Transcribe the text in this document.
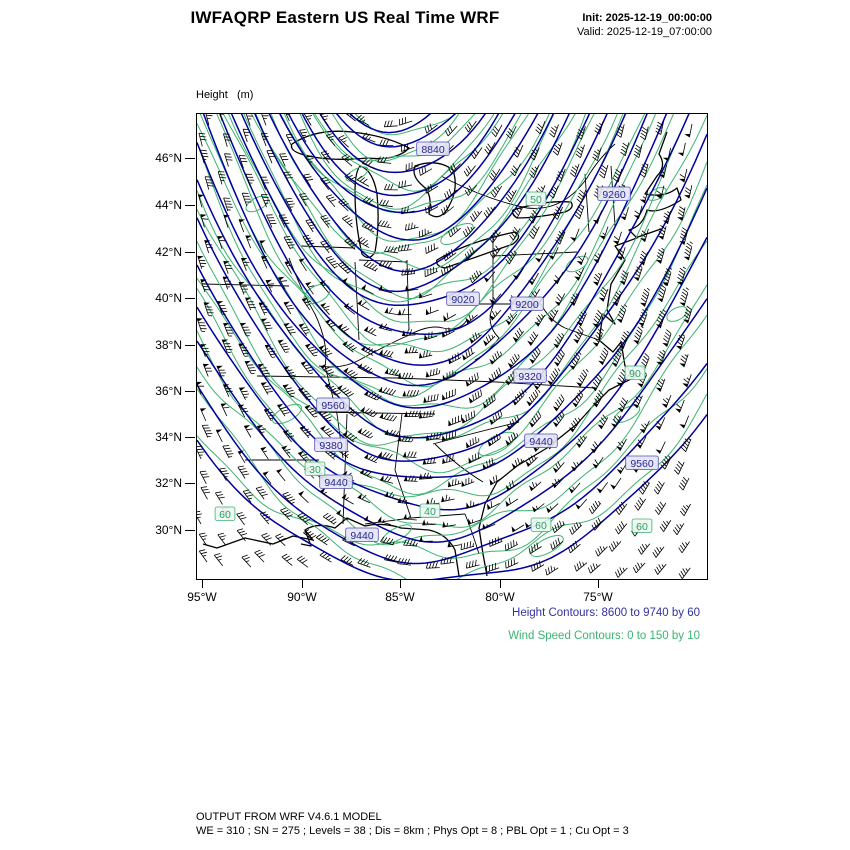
IWFAQRP Eastern US Real Time WRF	Init: 2025-12-19_00:00:00
Valid: 2025-12-19_07:00:00

Height   (m)

8840
9260
9020	9200
9320
9560
9380
9440
9440
9440
9560
50
90
30
60	40
60	60
46°N
44°N
42°N
40°N
38°N
36°N
34°N
32°N
30°N
95°W	90°W	85°W	80°W	75°W
Height Contours: 8600 to 9740 by 60
Wind Speed Contours: 0 to 150 by 10
OUTPUT FROM WRF V4.6.1 MODEL
WE = 310 ; SN = 275 ; Levels = 38 ; Dis = 8km ; Phys Opt = 8 ; PBL Opt = 1 ; Cu Opt = 3
